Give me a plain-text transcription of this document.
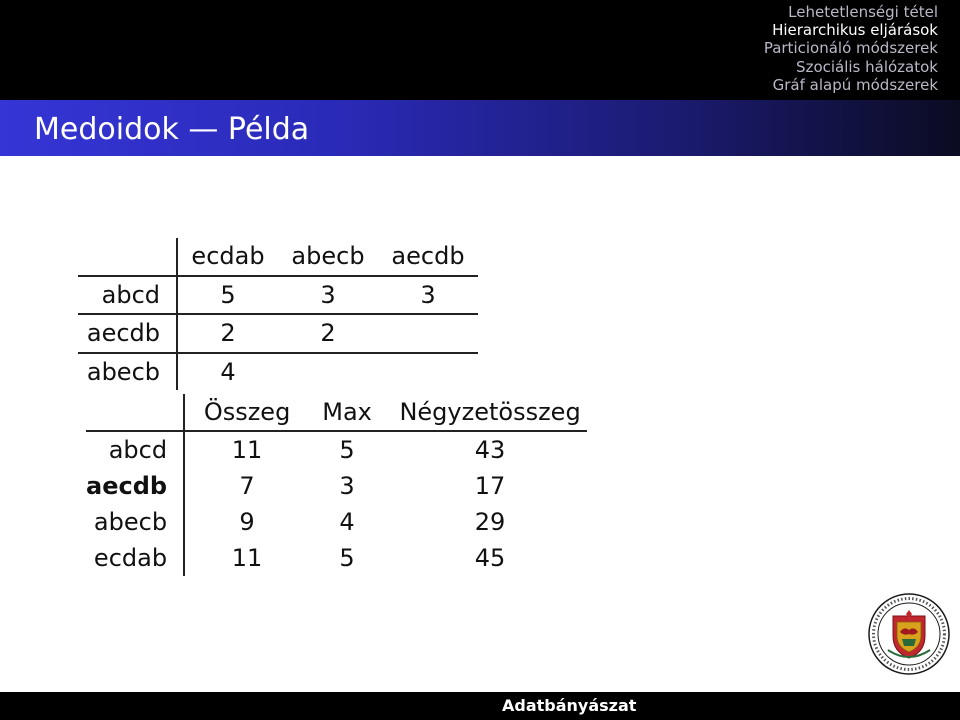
Lehetetlenségi tétel
Hierarchikus eljárások
Particionáló módszerek
Szociális hálózatok
Gráf alapú módszerek
Medoidok — Példa
	ecdab	abecb	aecdb
abcd	5	3	3
aecdb	2	2	
abecb	4		
	Összeg	Max	Négyzetösszeg
abcd	11	5	43
aecdb	7	3	17
abecb	9	4	29
ecdab	11	5	45
Adatbányászat
